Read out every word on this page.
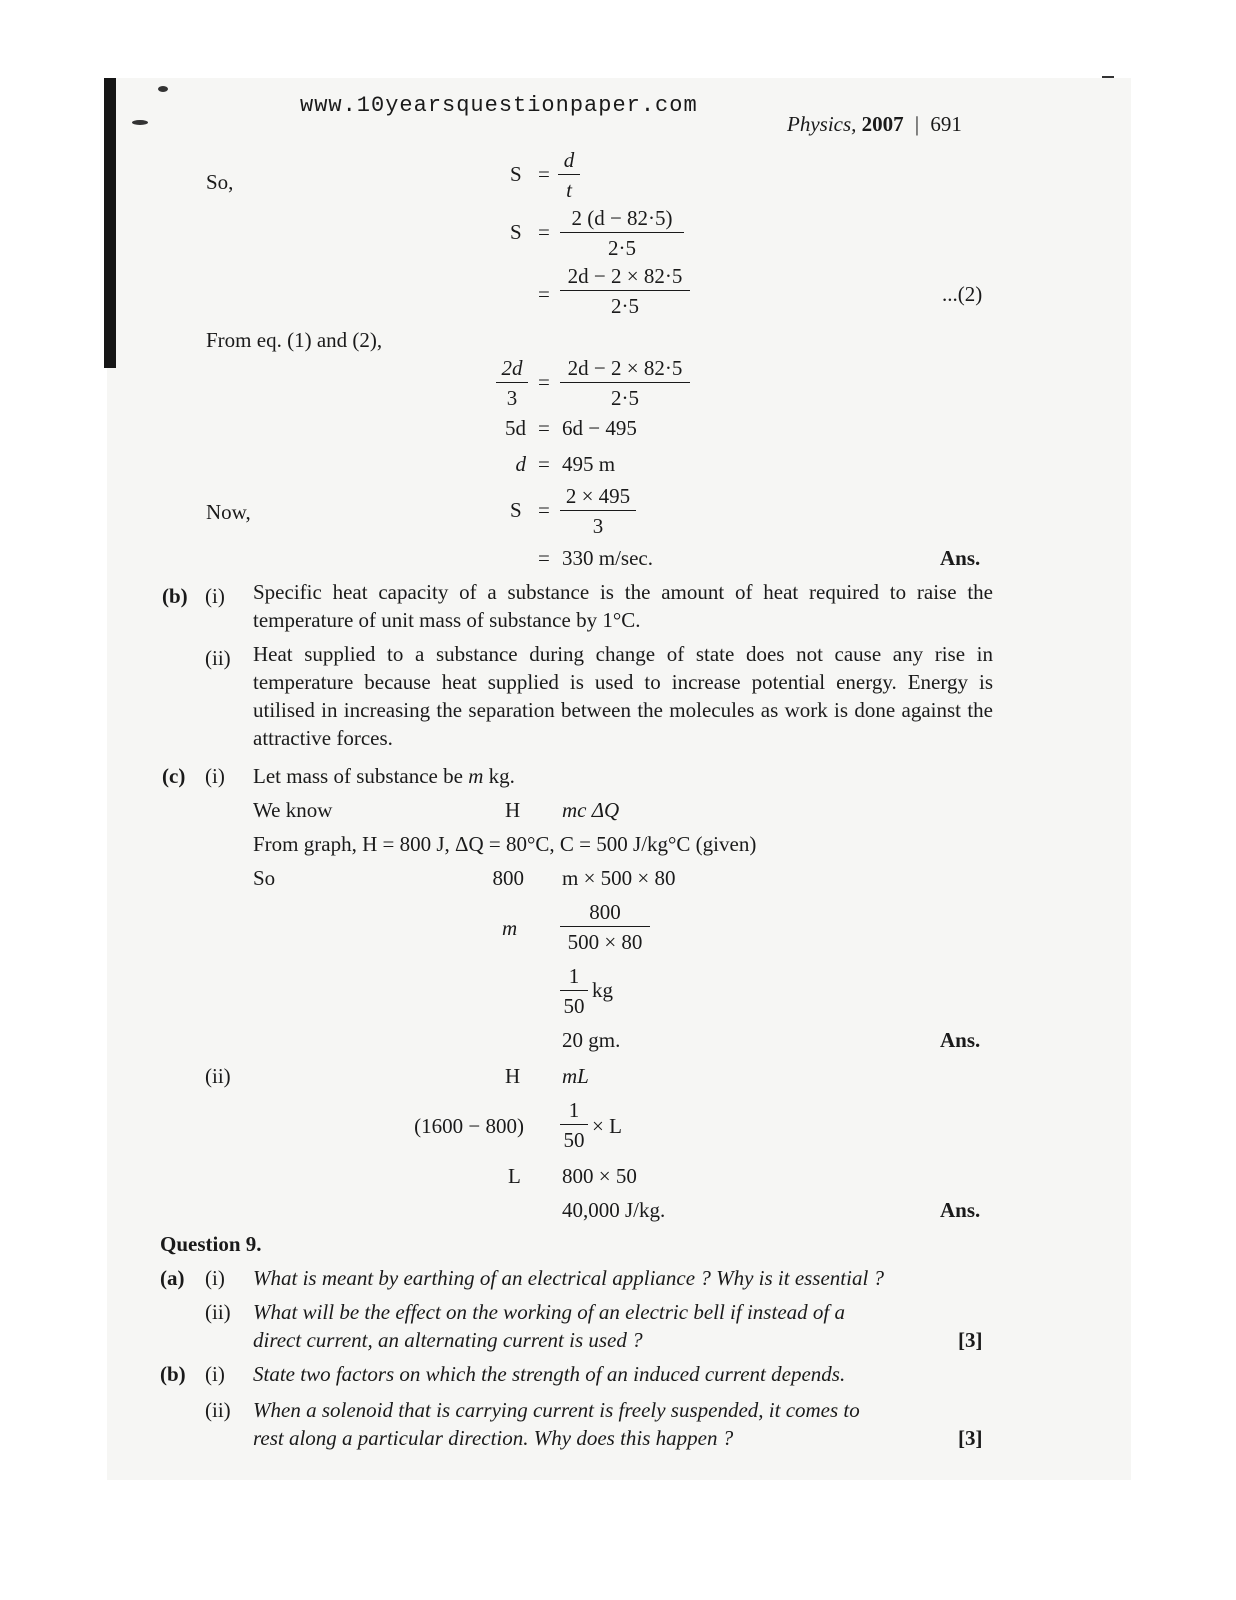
www.10yearsquestionpaper.com
Physics, 2007 | 691
So,	$S = \frac{d}{t}$
$S = \frac{2 (d - 82\cdot 5)}{2\cdot 5}$
= $\frac{2d - 2 \times 82\cdot 5}{2\cdot 5}$	...(2)
From eq. (1) and (2),
$\frac{2d}{3} = \frac{2d - 2 \times 82\cdot 5}{2\cdot 5}$
5d = 6d − 495
d = 495 m
Now,	$S = \frac{2 \times 495}{3}$
= 330 m/sec.	Ans.
(b) (i) Specific heat capacity of a substance is the amount of heat required to raise the temperature of unit mass of substance by 1°C.
(ii) Heat supplied to a substance during change of state does not cause any rise in temperature because heat supplied is used to increase potential energy. Energy is utilised in increasing the separation between the molecules as work is done against the attractive forces.
(c) (i) Let mass of substance be m kg.
We know	H mc ΔQ
From graph, H = 800 J, ΔQ = 80°C, C = 500 J/kg°C (given)
So	800 m × 500 × 80
m $\frac{800}{500 \times 80}$
$\frac{1}{50}$ kg
20 gm.	Ans.
(ii)	H mL
$(1600 - 800) \frac{1}{50} \times L$
L 800 × 50
40,000 J/kg.	Ans.
Question 9.
(a) (i) What is meant by earthing of an electrical appliance ? Why is it essential ?
(ii) What will be the effect on the working of an electric bell if instead of a
direct current, an alternating current is used ?	[3]
(b) (i) State two factors on which the strength of an induced current depends.
(ii) When a solenoid that is carrying current is freely suspended, it comes to
rest along a particular direction. Why does this happen ?	[3]
